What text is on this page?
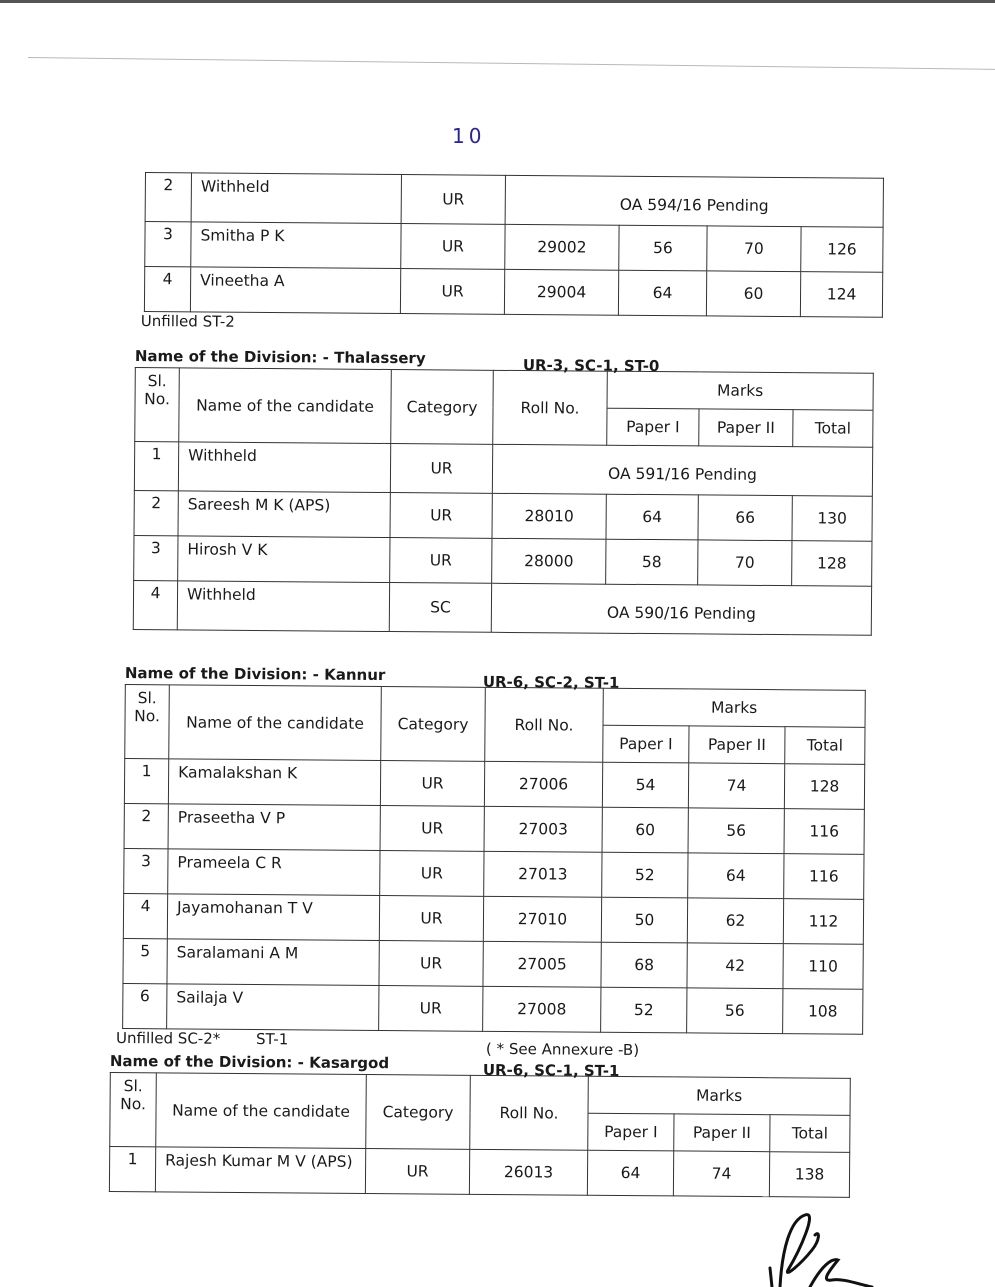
10
2	Withheld	UR	OA 594/16 Pending			
3	Smitha P K	UR	29002	56	70	126
4	Vineetha A	UR	29004	64	60	124
Unfilled ST-2
Name of the Division: - Thalassery	UR-3, SC-1, ST-0
Sl. No.	Name of the candidate	Category	Roll No.	Marks		
				Paper I	Paper II	Total
1	Withheld	UR	OA 591/16 Pending			
2	Sareesh M K (APS)	UR	28010	64	66	130
3	Hirosh V K	UR	28000	58	70	128
4	Withheld	SC	OA 590/16 Pending			
Name of the Division: - Kannur	UR-6, SC-2, ST-1
Sl. No.	Name of the candidate	Category	Roll No.	Marks		
				Paper I	Paper II	Total
1	Kamalakshan K	UR	27006	54	74	128
2	Praseetha V P	UR	27003	60	56	116
3	Prameela C R	UR	27013	52	64	116
4	Jayamohanan T V	UR	27010	50	62	112
5	Saralamani A M	UR	27005	68	42	110
6	Sailaja V	UR	27008	52	56	108
Unfilled SC-2* ST-1
( * See Annexure -B)
Name of the Division: - Kasargod	UR-6, SC-1, ST-1
Sl. No.	Name of the candidate	Category	Roll No.	Marks		
				Paper I	Paper II	Total
1	Rajesh Kumar M V (APS)	UR	26013	64	74	138
